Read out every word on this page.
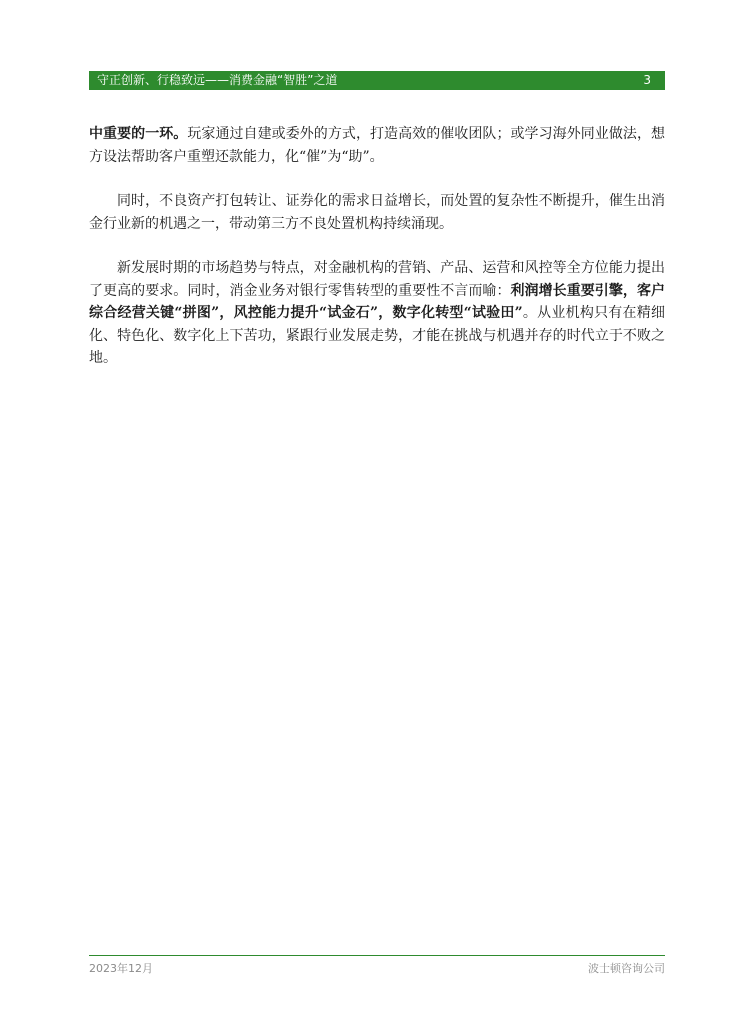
守正创新、行稳致远——消费金融“智胜”之道	3

中重要的一环。玩家通过自建或委外的方式，打造高效的催收团队；或学习海外同业做法，想方设法帮助客户重塑还款能力，化“催”为“助”。

同时，不良资产打包转让、证券化的需求日益增长，而处置的复杂性不断提升，催生出消金行业新的机遇之一，带动第三方不良处置机构持续涌现。

新发展时期的市场趋势与特点，对金融机构的营销、产品、运营和风控等全方位能力提出了更高的要求。同时，消金业务对银行零售转型的重要性不言而喻：利润增长重要引擎，客户综合经营关键“拼图”，风控能力提升“试金石”，数字化转型“试验田”。从业机构只有在精细化、特色化、数字化上下苦功，紧跟行业发展走势，才能在挑战与机遇并存的时代立于不败之地。

2023年12月	波士顿咨询公司
